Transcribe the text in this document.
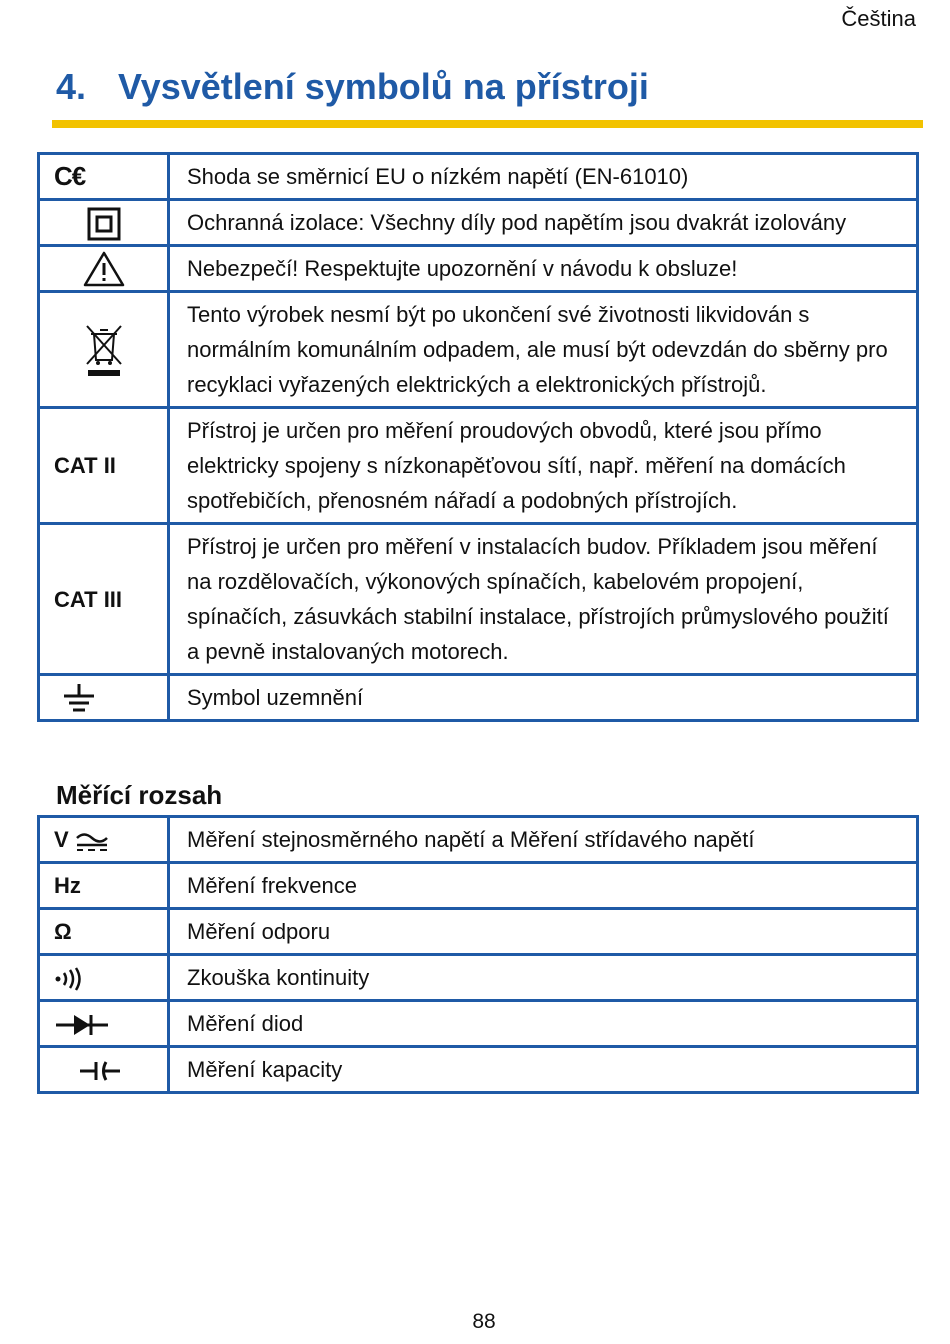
Čeština
4. Vysvětlení symbolů na přístroji
C€	Shoda se směrnicí EU o nízkém napětí (EN-61010)
	Ochranná izolace: Všechny díly pod napětím jsou dvakrát izolovány
	Nebezpečí! Respektujte upozornění v návodu k obsluze!
	Tento výrobek nesmí být po ukončení své životnosti likvidován s normálním komunálním odpadem, ale musí být odevzdán do sběrny pro recyklaci vyřazených elektrických a elektronických přístrojů.
CAT II	Přístroj je určen pro měření proudových obvodů, které jsou přímo elektricky spojeny s nízkonapěťovou sítí, např. měření na domácích spotřebičích, přenosném nářadí a podobných přístrojích.
CAT III	Přístroj je určen pro měření v instalacích budov. Příkladem jsou měření na rozdělovačích, výkonových spínačích, kabelovém propojení, spínačích, zásuvkách stabilní instalace, přístrojích průmyslového použití a pevně instalovaných motorech.
	Symbol uzemnění
Měřící rozsah
V	Měření stejnosměrného napětí a Měření střídavého napětí
Hz	Měření frekvence
Ω	Měření odporu
	Zkouška kontinuity
	Měření diod
	Měření kapacity
88
